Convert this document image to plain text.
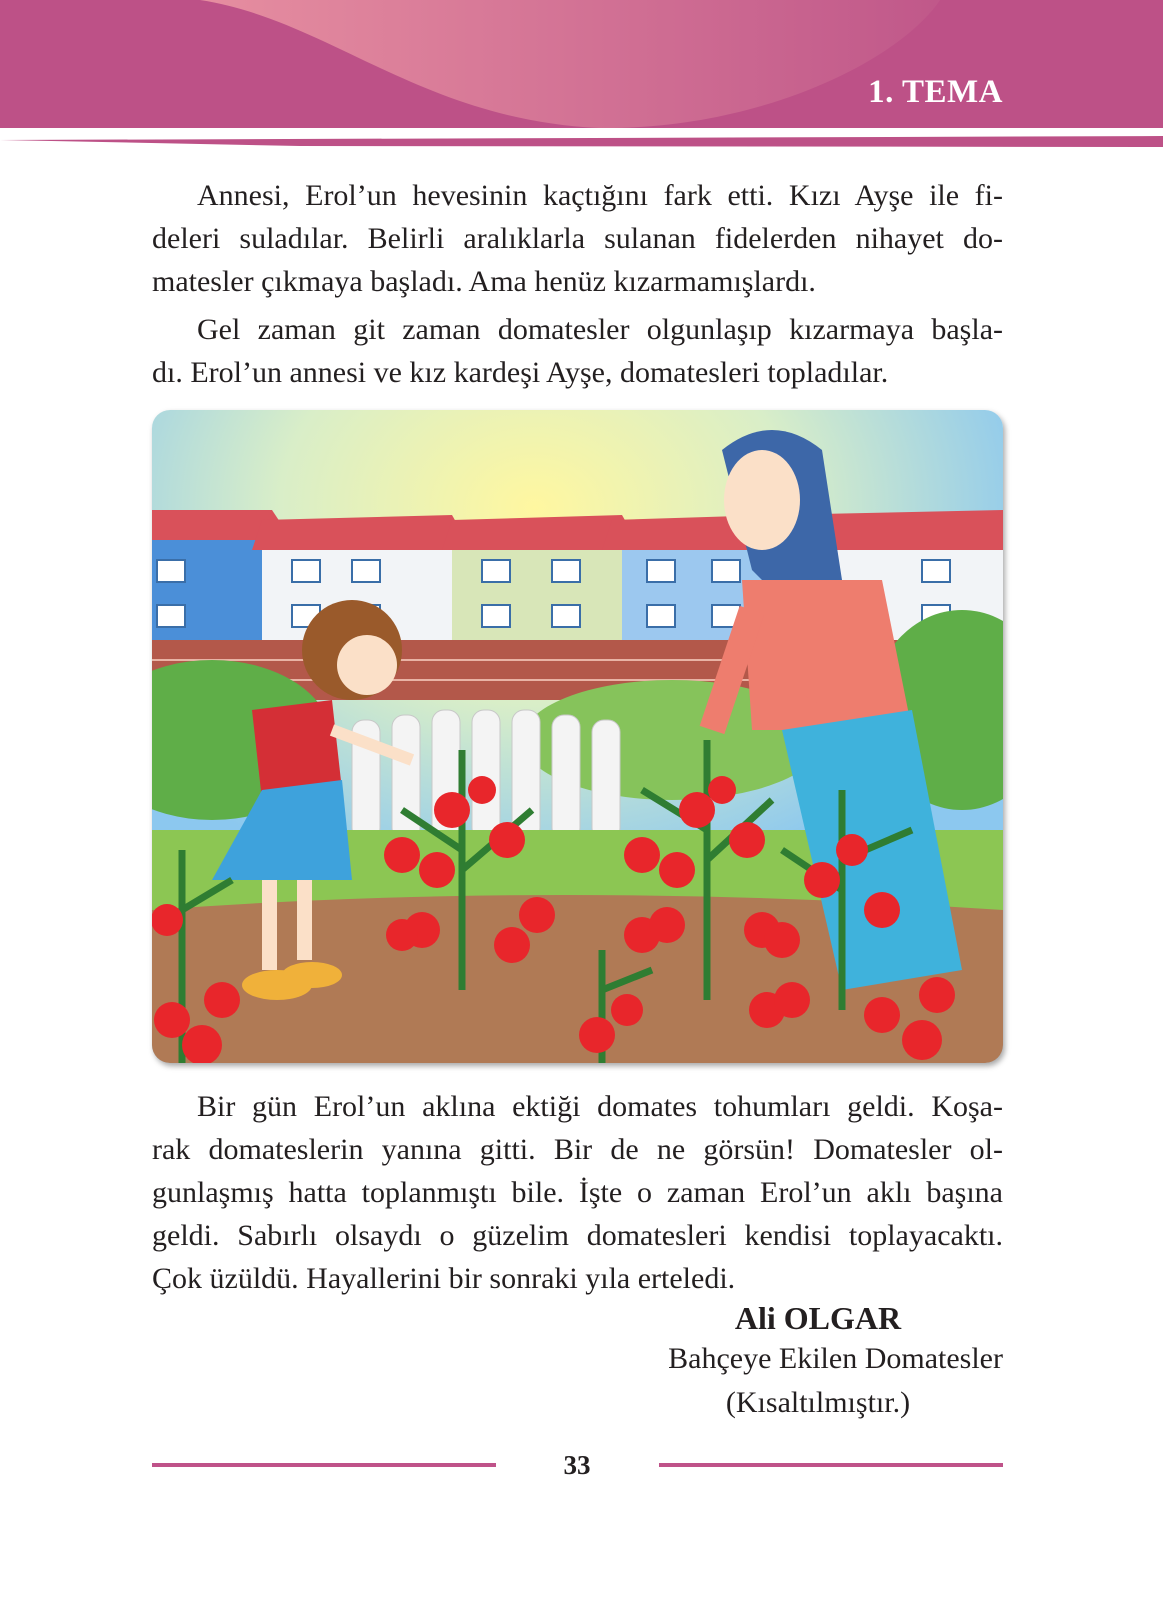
1. TEMA
Annesi, Erol’un hevesinin kaçtığını fark etti. Kızı Ayşe ile fi-
deleri suladılar. Belirli aralıklarla sulanan fidelerden nihayet do-
matesler çıkmaya başladı. Ama henüz kızarmamışlardı.
Gel zaman git zaman domatesler olgunlaşıp kızarmaya başla-
dı. Erol’un annesi ve kız kardeşi Ayşe, domatesleri topladılar.
Bir gün Erol’un aklına ektiği domates tohumları geldi. Koşa-
rak domateslerin yanına gitti. Bir de ne görsün! Domatesler ol-
gunlaşmış hatta toplanmıştı bile. İşte o zaman Erol’un aklı başına
geldi. Sabırlı olsaydı o güzelim domatesleri kendisi toplayacaktı.
Çok üzüldü. Hayallerini bir sonraki yıla erteledi.
Ali OLGAR
Bahçeye Ekilen Domatesler
(Kısaltılmıştır.)
33
